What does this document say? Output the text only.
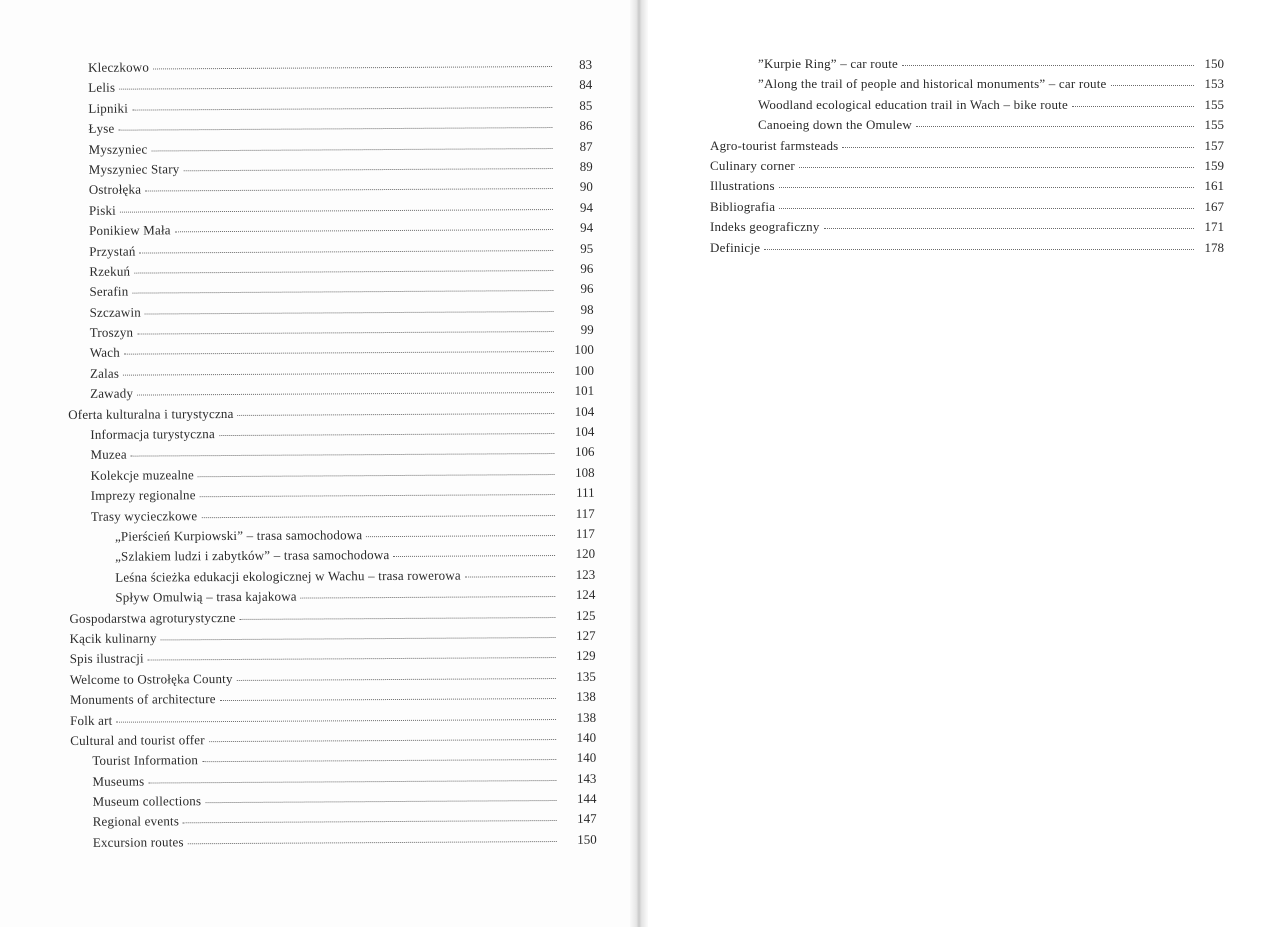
Kleczkowo	83
Lelis	84
Lipniki	85
Łyse	86
Myszyniec	87
Myszyniec Stary	89
Ostrołęka	90
Piski	94
Ponikiew Mała	94
Przystań	95
Rzekuń	96
Serafin	96
Szczawin	98
Troszyn	99
Wach	100
Zalas	100
Zawady	101
Oferta kulturalna i turystyczna	104
Informacja turystyczna	104
Muzea	106
Kolekcje muzealne	108
Imprezy regionalne	111
Trasy wycieczkowe	117
„Pierścień Kurpiowski” – trasa samochodowa	117
„Szlakiem ludzi i zabytków” – trasa samochodowa	120
Leśna ścieżka edukacji ekologicznej w Wachu – trasa rowerowa	123
Spływ Omulwią – trasa kajakowa	124
Gospodarstwa agroturystyczne	125
Kącik kulinarny	127
Spis ilustracji	129
Welcome to Ostrołęka County	135
Monuments of architecture	138
Folk art	138
Cultural and tourist offer	140
Tourist Information	140
Museums	143
Museum collections	144
Regional events	147
Excursion routes	150
”Kurpie Ring” – car route	150
”Along the trail of people and historical monuments” – car route	153
Woodland ecological education trail in Wach – bike route	155
Canoeing down the Omulew	155
Agro-tourist farmsteads	157
Culinary corner	159
Illustrations	161
Bibliografia	167
Indeks geograficzny	171
Definicje	178
